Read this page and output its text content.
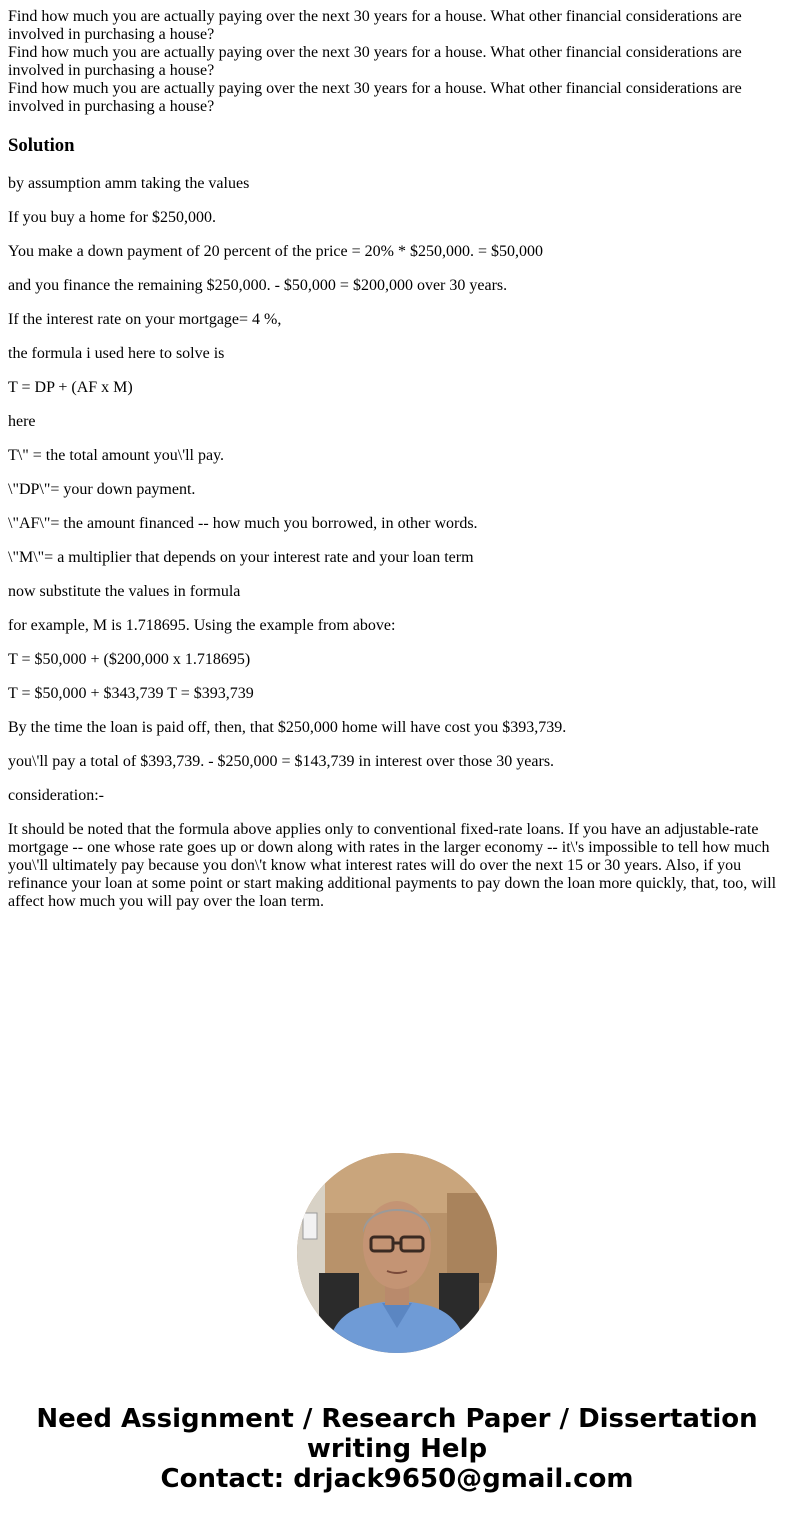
Find how much you are actually paying over the next 30 years for a house. What other financial considerations are involved in purchasing a house?

Find how much you are actually paying over the next 30 years for a house. What other financial considerations are involved in purchasing a house?

Find how much you are actually paying over the next 30 years for a house. What other financial considerations are involved in purchasing a house?

Solution

by assumption amm taking the values

If you buy a home for $250,000.

You make a down payment of 20 percent of the price = 20% * $250,000. = $50,000

and you finance the remaining $250,000. - $50,000 = $200,000 over 30 years.

If the interest rate on your mortgage= 4 %,

the formula i used here to solve is

T = DP + (AF x M)

here

T\" = the total amount you\'ll pay.

\"DP\"= your down payment.

\"AF\"= the amount financed -- how much you borrowed, in other words.

\"M\"= a multiplier that depends on your interest rate and your loan term

now substitute the values in formula

for example, M is 1.718695. Using the example from above:

T = $50,000 + ($200,000 x 1.718695)

T = $50,000 + $343,739 T = $393,739

By the time the loan is paid off, then, that $250,000 home will have cost you $393,739.

you\'ll pay a total of $393,739. - $250,000 = $143,739 in interest over those 30 years.

consideration:-

It should be noted that the formula above applies only to conventional fixed-rate loans. If you have an adjustable-rate mortgage -- one whose rate goes up or down along with rates in the larger economy -- it\'s impossible to tell how much you\'ll ultimately pay because you don\'t know what interest rates will do over the next 15 or 30 years. Also, if you refinance your loan at some point or start making additional payments to pay down the loan more quickly, that, too, will affect how much you will pay over the loan term.

Need Assignment / Research Paper / Dissertation

writing Help

Contact: drjack9650@gmail.com
